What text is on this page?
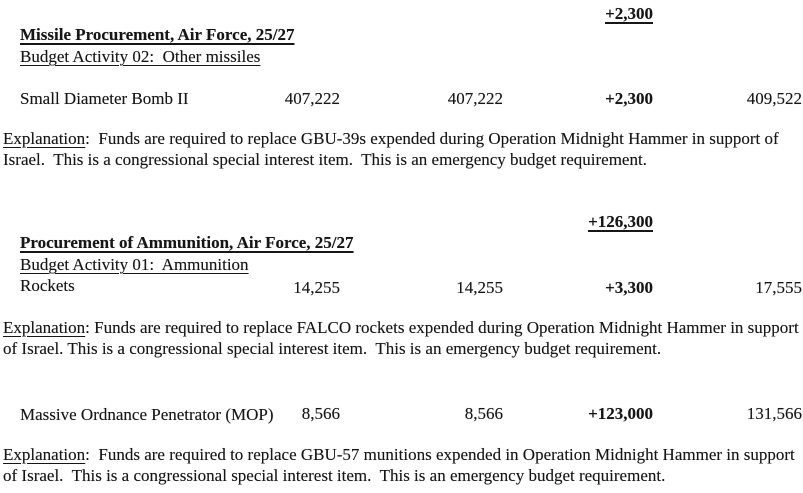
Missile Procurement, Air Force, 25/27

+2,300

Budget Activity 02:  Other missiles

Small Diameter Bomb II
	407,222	407,222	+2,300	409,522

Explanation:  Funds are required to replace GBU-39s expended during Operation Midnight Hammer in support of Israel.  This is a congressional special interest item.  This is an emergency budget requirement.

Procurement of Ammunition, Air Force, 25/27

+126,300

Budget Activity 01:  Ammunition

Rockets
	14,255	14,255	+3,300	17,555

Explanation: Funds are required to replace FALCO rockets expended during Operation Midnight Hammer in support of Israel. This is a congressional special interest item.  This is an emergency budget requirement.

Massive Ordnance Penetrator (MOP)
	8,566	8,566	+123,000	131,566

Explanation:  Funds are required to replace GBU-57 munitions expended in Operation Midnight Hammer in support of Israel.  This is a congressional special interest item.  This is an emergency budget requirement.
